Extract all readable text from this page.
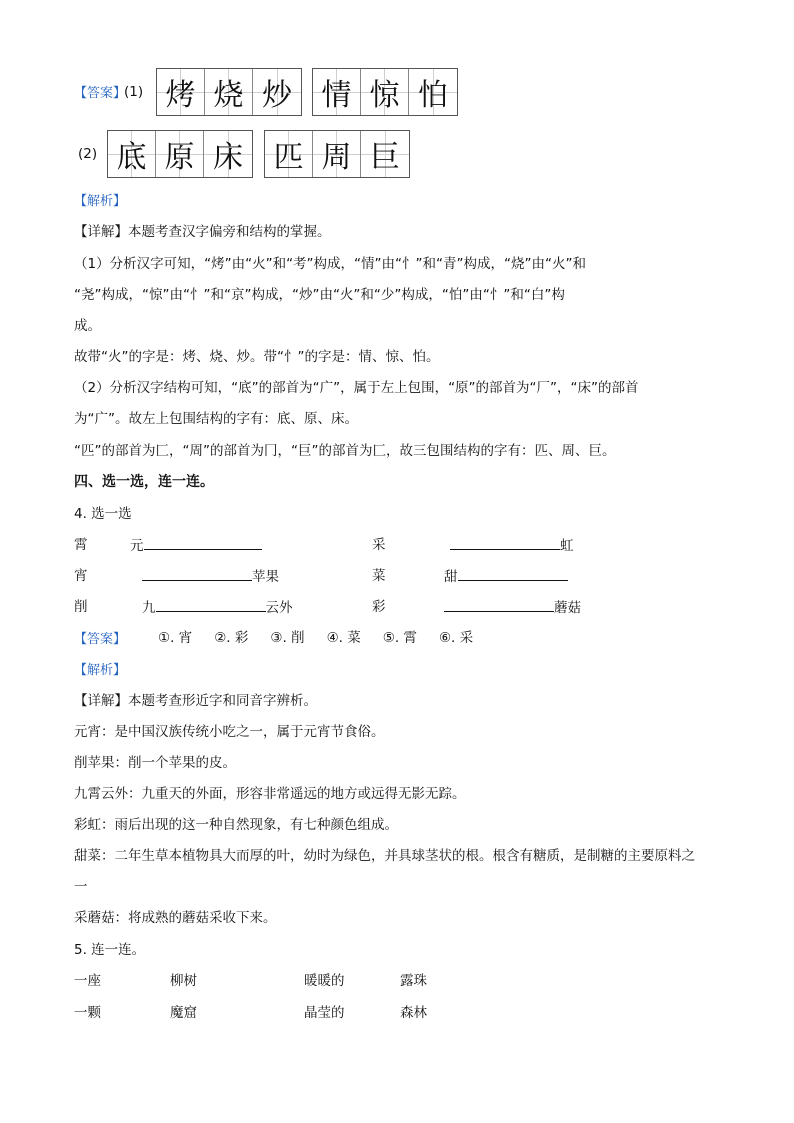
【答案】
(1) 烤 烧 炒 情 惊 怕
(2) 底 原 床 匹 周 巨
【解析】
【详解】本题考查汉字偏旁和结构的掌握。
（1）分析汉字可知，“烤”由“火”和“考”构成，“情”由“忄”和“青”构成，“烧”由“火”和
“尧”构成，“惊”由“忄”和“京”构成，“炒”由“火”和“少”构成，“怕”由“忄”和“白”构
成。
故带“火”的字是：烤、烧、炒。带“忄”的字是：情、惊、怕。
（2）分析汉字结构可知，“底”的部首为“广”，属于左上包围，“原”的部首为“厂”，“床”的部首
为“广”。故左上包围结构的字有：底、原、床。
“匹”的部首为匚，“周”的部首为冂，“巨”的部首为匚，故三包围结构的字有：匹、周、巨。
四、选一选，连一连。
4. 选一选
霄	元	采	虹
宵	苹果	菜	甜
削	九	云外	彩	蘑菇
【答案】 ①. 宵 ②. 彩 ③. 削 ④. 菜 ⑤. 霄 ⑥. 采
【解析】
【详解】本题考查形近字和同音字辨析。
元宵：是中国汉族传统小吃之一，属于元宵节食俗。
削苹果：削一个苹果的皮。
九霄云外：九重天的外面，形容非常遥远的地方或远得无影无踪。
彩虹：雨后出现的这一种自然现象，有七种颜色组成。
甜菜：二年生草本植物具大而厚的叶，幼时为绿色，并具球茎状的根。根含有糖质，是制糖的主要原料之
一
采蘑菇：将成熟的蘑菇采收下来。
5. 连一连。
一座	柳树	暖暖的	露珠
一颗	魔窟	晶莹的	森林
